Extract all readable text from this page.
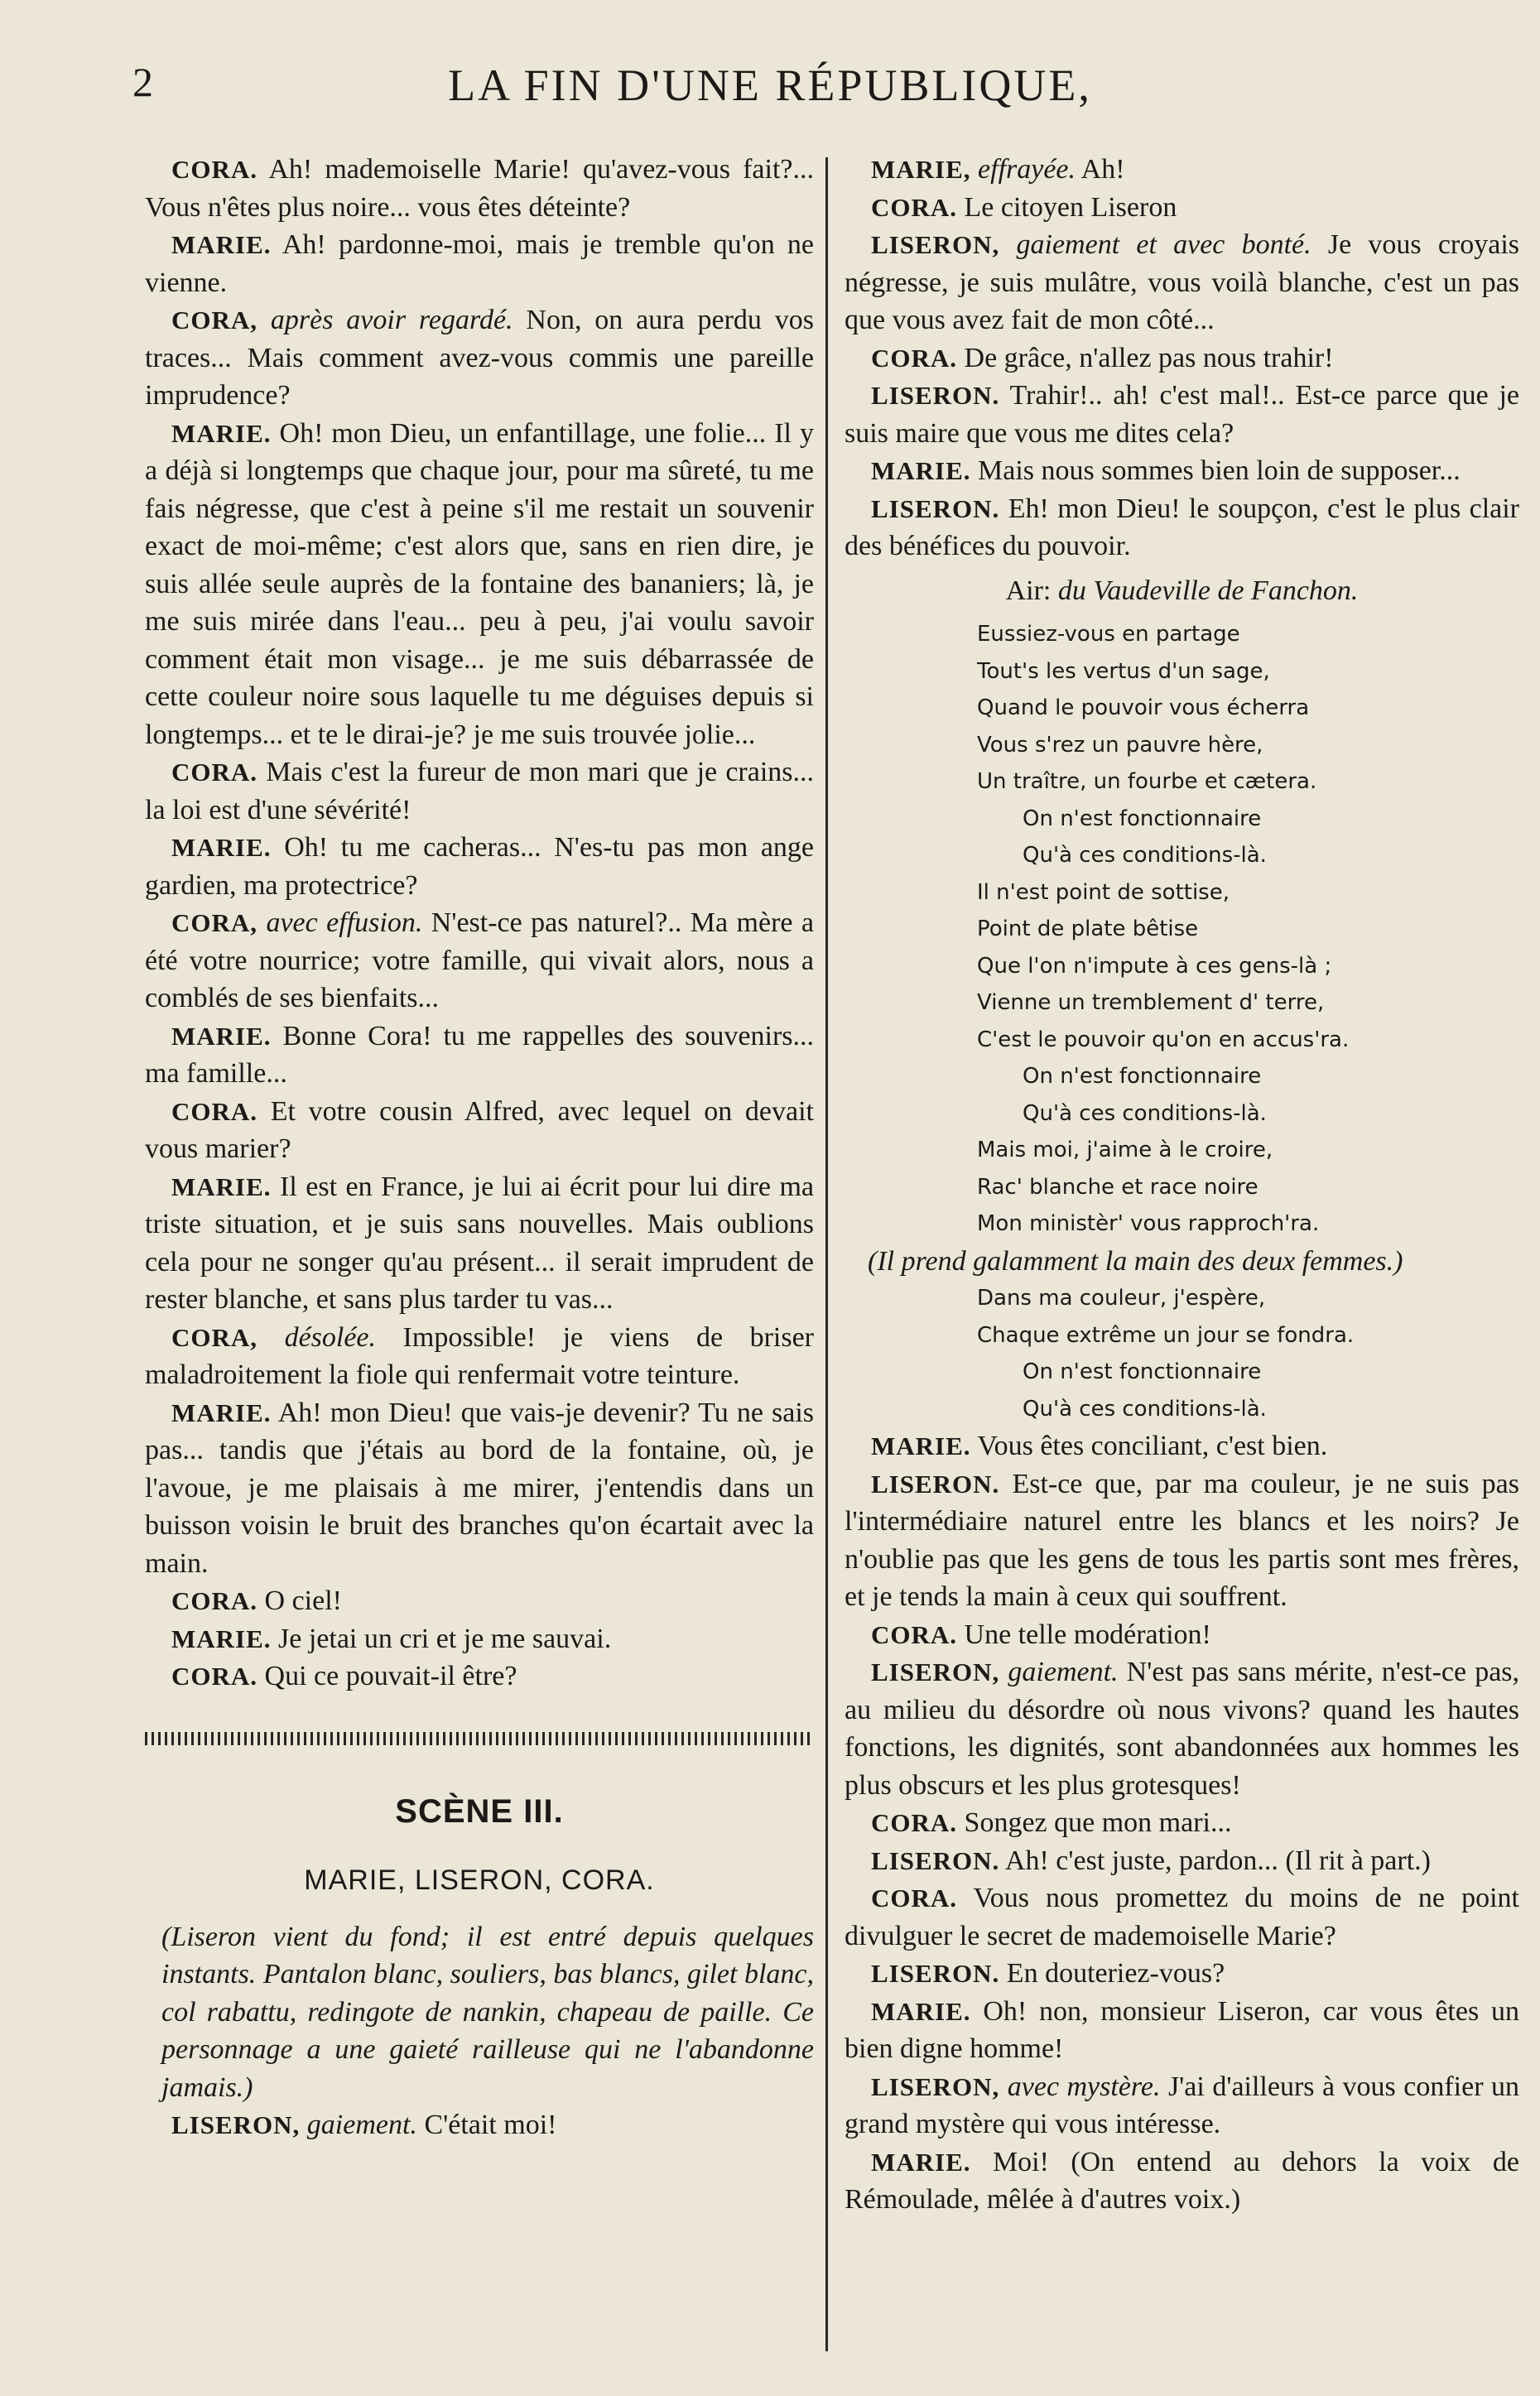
2	LA FIN D'UNE RÉPUBLIQUE,

CORA. Ah! mademoiselle Marie! qu'avez-vous fait?... Vous n'êtes plus noire... vous êtes déteinte?

MARIE. Ah! pardonne-moi, mais je tremble qu'on ne vienne.

CORA, après avoir regardé. Non, on aura perdu vos traces... Mais comment avez-vous commis une pareille imprudence?

MARIE. Oh! mon Dieu, un enfantillage, une folie... Il y a déjà si longtemps que chaque jour, pour ma sûreté, tu me fais négresse, que c'est à peine s'il me restait un souvenir exact de moi-même; c'est alors que, sans en rien dire, je suis allée seule auprès de la fontaine des bananiers; là, je me suis mirée dans l'eau... peu à peu, j'ai voulu savoir comment était mon visage... je me suis débarrassée de cette couleur noire sous laquelle tu me déguises depuis si longtemps... et te le dirai-je? je me suis trouvée jolie...

CORA. Mais c'est la fureur de mon mari que je crains... la loi est d'une sévérité!

MARIE. Oh! tu me cacheras... N'es-tu pas mon ange gardien, ma protectrice?

CORA, avec effusion. N'est-ce pas naturel?.. Ma mère a été votre nourrice; votre famille, qui vivait alors, nous a comblés de ses bienfaits...

MARIE. Bonne Cora! tu me rappelles des souvenirs... ma famille...

CORA. Et votre cousin Alfred, avec lequel on devait vous marier?

MARIE. Il est en France, je lui ai écrit pour lui dire ma triste situation, et je suis sans nouvelles. Mais oublions cela pour ne songer qu'au présent... il serait imprudent de rester blanche, et sans plus tarder tu vas...

CORA, désolée. Impossible! je viens de briser maladroitement la fiole qui renfermait votre teinture.

MARIE. Ah! mon Dieu! que vais-je devenir? Tu ne sais pas... tandis que j'étais au bord de la fontaine, où, je l'avoue, je me plaisais à me mirer, j'entendis dans un buisson voisin le bruit des branches qu'on écartait avec la main.

CORA. O ciel!

MARIE. Je jetai un cri et je me sauvai.

CORA. Qui ce pouvait-il être?

SCÈNE III.
MARIE, LISERON, CORA.

(Liseron vient du fond; il est entré depuis quelques instants. Pantalon blanc, souliers, bas blancs, gilet blanc, col rabattu, redingote de nankin, chapeau de paille. Ce personnage a une gaieté railleuse qui ne l'abandonne jamais.)

LISERON, gaiement. C'était moi!

MARIE, effrayée. Ah!

CORA. Le citoyen Liseron

LISERON, gaiement et avec bonté. Je vous croyais négresse, je suis mulâtre, vous voilà blanche, c'est un pas que vous avez fait de mon côté...

CORA. De grâce, n'allez pas nous trahir!

LISERON. Trahir!.. ah! c'est mal!.. Est-ce parce que je suis maire que vous me dites cela?

MARIE. Mais nous sommes bien loin de supposer...

LISERON. Eh! mon Dieu! le soupçon, c'est le plus clair des bénéfices du pouvoir.

Air: du Vaudeville de Fanchon.

Eussiez-vous en partage
Tout's les vertus d'un sage,
Quand le pouvoir vous écherra
Vous s'rez un pauvre hère,
Un traître, un fourbe et cætera.
On n'est fonctionnaire
Qu'à ces conditions-là.
Il n'est point de sottise,
Point de plate bêtise
Que l'on n'impute à ces gens-là ;
Vienne un tremblement d' terre,
C'est le pouvoir qu'on en accus'ra.
On n'est fonctionnaire
Qu'à ces conditions-là.
Mais moi, j'aime à le croire,
Rac' blanche et race noire
Mon ministèr' vous rapproch'ra.

(Il prend galamment la main des deux femmes.)

Dans ma couleur, j'espère,
Chaque extrême un jour se fondra.
On n'est fonctionnaire
Qu'à ces conditions-là.

MARIE. Vous êtes conciliant, c'est bien.

LISERON. Est-ce que, par ma couleur, je ne suis pas l'intermédiaire naturel entre les blancs et les noirs? Je n'oublie pas que les gens de tous les partis sont mes frères, et je tends la main à ceux qui souffrent.

CORA. Une telle modération!

LISERON, gaiement. N'est pas sans mérite, n'est-ce pas, au milieu du désordre où nous vivons? quand les hautes fonctions, les dignités, sont abandonnées aux hommes les plus obscurs et les plus grotesques!

CORA. Songez que mon mari...

LISERON. Ah! c'est juste, pardon... (Il rit à part.)

CORA. Vous nous promettez du moins de ne point divulguer le secret de mademoiselle Marie?

LISERON. En douteriez-vous?

MARIE. Oh! non, monsieur Liseron, car vous êtes un bien digne homme!

LISERON, avec mystère. J'ai d'ailleurs à vous confier un grand mystère qui vous intéresse.

MARIE. Moi! (On entend au dehors la voix de Rémoulade, mêlée à d'autres voix.)
